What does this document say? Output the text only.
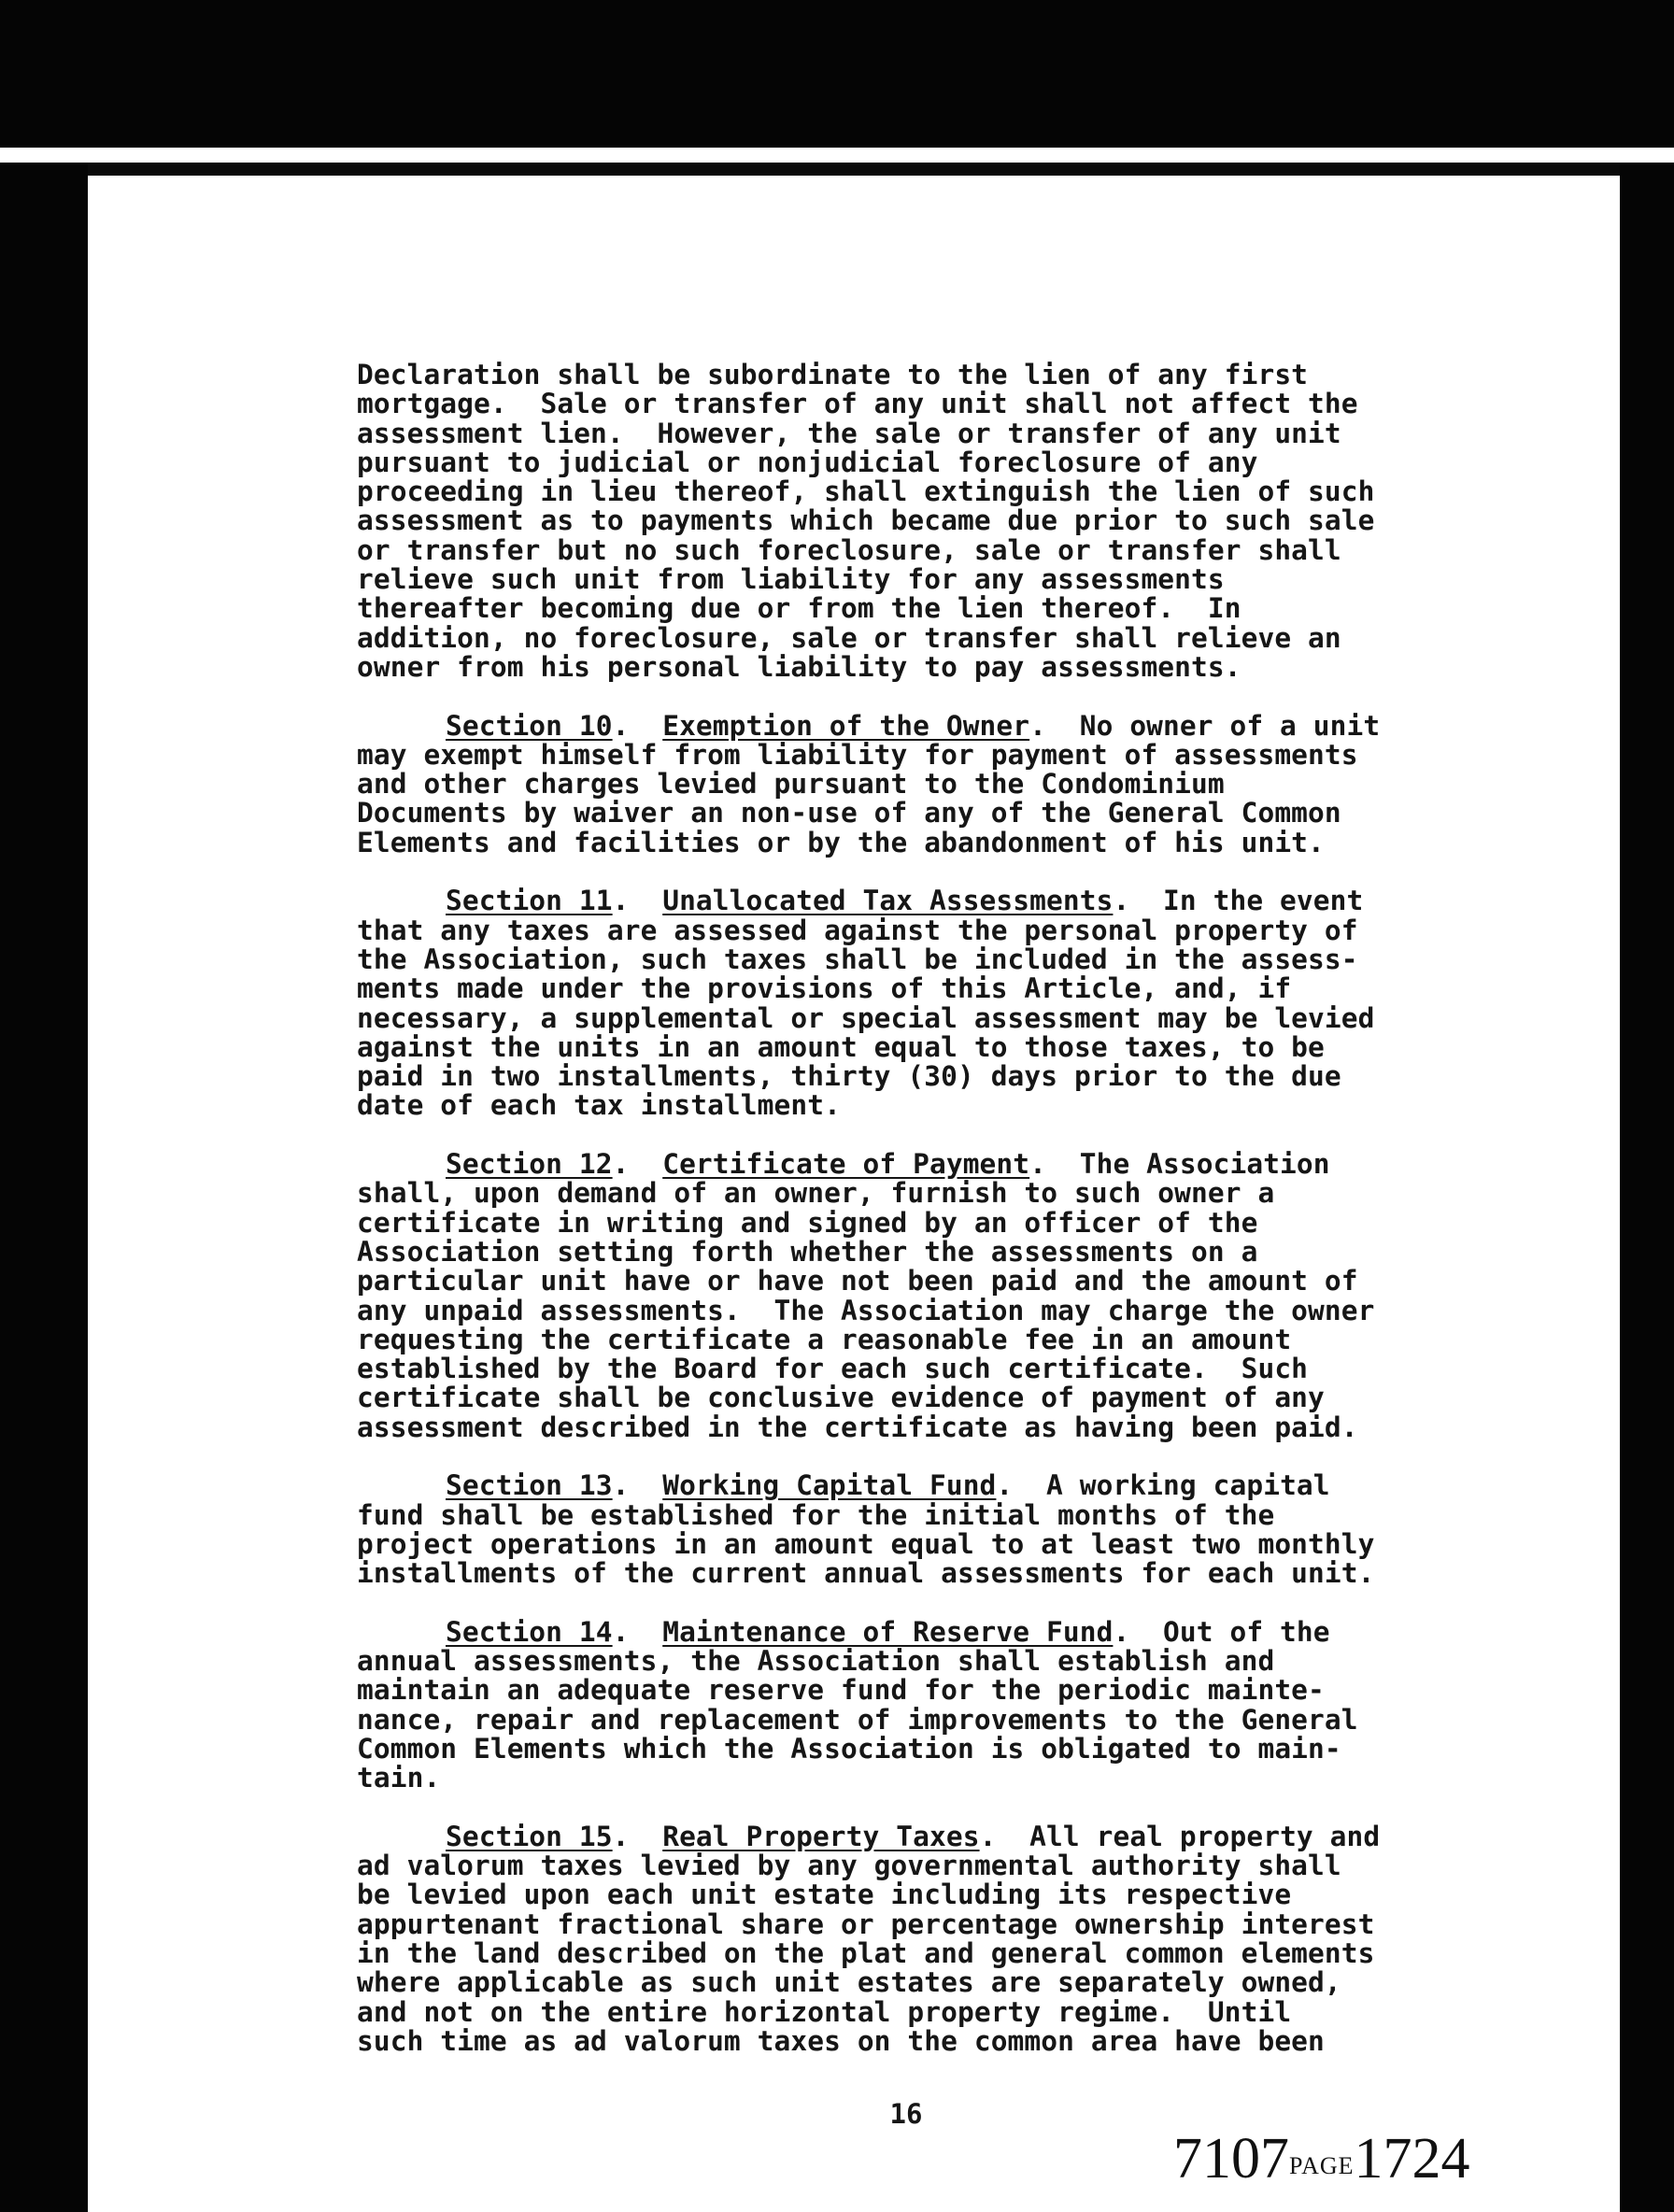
Declaration shall be subordinate to the lien of any first
mortgage.  Sale or transfer of any unit shall not affect the
assessment lien.  However, the sale or transfer of any unit
pursuant to judicial or nonjudicial foreclosure of any
proceeding in lieu thereof, shall extinguish the lien of such
assessment as to payments which became due prior to such sale
or transfer but no such foreclosure, sale or transfer shall
relieve such unit from liability for any assessments
thereafter becoming due or from the lien thereof.  In
addition, no foreclosure, sale or transfer shall relieve an
owner from his personal liability to pay assessments.
Section 10.  Exemption of the Owner.  No owner of a unit
may exempt himself from liability for payment of assessments
and other charges levied pursuant to the Condominium
Documents by waiver an non-use of any of the General Common
Elements and facilities or by the abandonment of his unit.
Section 11.  Unallocated Tax Assessments.  In the event
that any taxes are assessed against the personal property of
the Association, such taxes shall be included in the assess-
ments made under the provisions of this Article, and, if
necessary, a supplemental or special assessment may be levied
against the units in an amount equal to those taxes, to be
paid in two installments, thirty (30) days prior to the due
date of each tax installment.
Section 12.  Certificate of Payment.  The Association
shall, upon demand of an owner, furnish to such owner a
certificate in writing and signed by an officer of the
Association setting forth whether the assessments on a
particular unit have or have not been paid and the amount of
any unpaid assessments.  The Association may charge the owner
requesting the certificate a reasonable fee in an amount
established by the Board for each such certificate.  Such
certificate shall be conclusive evidence of payment of any
assessment described in the certificate as having been paid.
Section 13.  Working Capital Fund.  A working capital
fund shall be established for the initial months of the
project operations in an amount equal to at least two monthly
installments of the current annual assessments for each unit.
Section 14.  Maintenance of Reserve Fund.  Out of the
annual assessments, the Association shall establish and
maintain an adequate reserve fund for the periodic mainte-
nance, repair and replacement of improvements to the General
Common Elements which the Association is obligated to main-
tain.
Section 15.  Real Property Taxes.  All real property and
ad valorum taxes levied by any governmental authority shall
be levied upon each unit estate including its respective
appurtenant fractional share or percentage ownership interest
in the land described on the plat and general common elements
where applicable as such unit estates are separately owned,
and not on the entire horizontal property regime.  Until
such time as ad valorum taxes on the common area have been
16
7107PAGE1724
